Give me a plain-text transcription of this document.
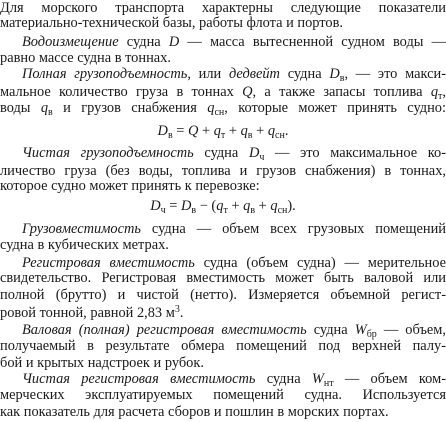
Для морского транспорта характерны следующие показатели
материально-технической базы, работы флота и портов.
Водоизмещение судна D — масса вытесненной судном воды —
равно массе судна в тоннах.
Полная грузоподъемность, или дедвейт судна $D_в$, — это макси-
мальное количество груза в тоннах Q, а также запасы топлива $q_т$,
воды $q_в$ и грузов снабжения $q_{сн}$, которые может принять судно:
$D_в = Q + q_т + q_в + q_{сн}$.
Чистая грузоподъемность судна $D_ч$ — это максимальное ко-
личество груза (без воды, топлива и грузов снабжения) в тоннах,
которое судно может принять к перевозке:
$D_ч = D_в - (q_т + q_в + q_{сн})$.
Грузовместимость судна — объем всех грузовых помещений
судна в кубических метрах.
Регистровая вместимость судна (объем судна) — мерительное
свидетельство. Регистровая вместимость может быть валовой или
полной (брутто) и чистой (нетто). Измеряется объемной регист-
ровой тонной, равной 2,83 $м^3$.
Валовая (полная) регистровая вместимость судна $W_{бр}$ — объем,
получаемый в результате обмера помещений под верхней палу-
бой и крытых надстроек и рубок.
Чистая регистровая вместимость судна $W_{нт}$ — объем ком-
мерческих эксплуатируемых помещений судна. Используется
как показатель для расчета сборов и пошлин в морских портах.
